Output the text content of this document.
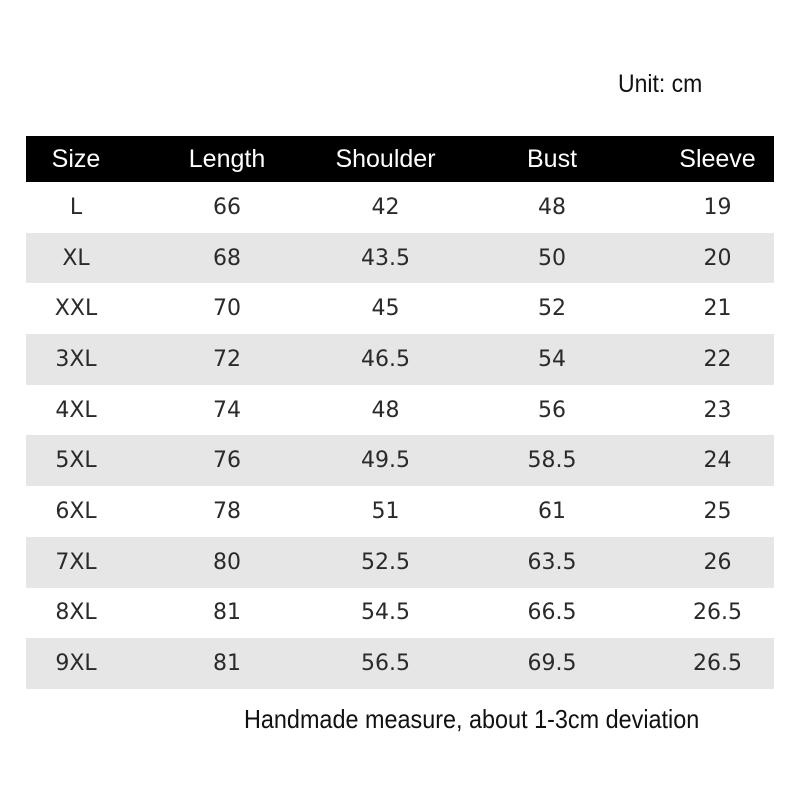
Unit: cm
Size	Length	Shoulder	Bust	Sleeve
L	66	42	48	19
XL	68	43.5	50	20
XXL	70	45	52	21
3XL	72	46.5	54	22
4XL	74	48	56	23
5XL	76	49.5	58.5	24
6XL	78	51	61	25
7XL	80	52.5	63.5	26
8XL	81	54.5	66.5	26.5
9XL	81	56.5	69.5	26.5
Handmade measure, about 1-3cm deviation
